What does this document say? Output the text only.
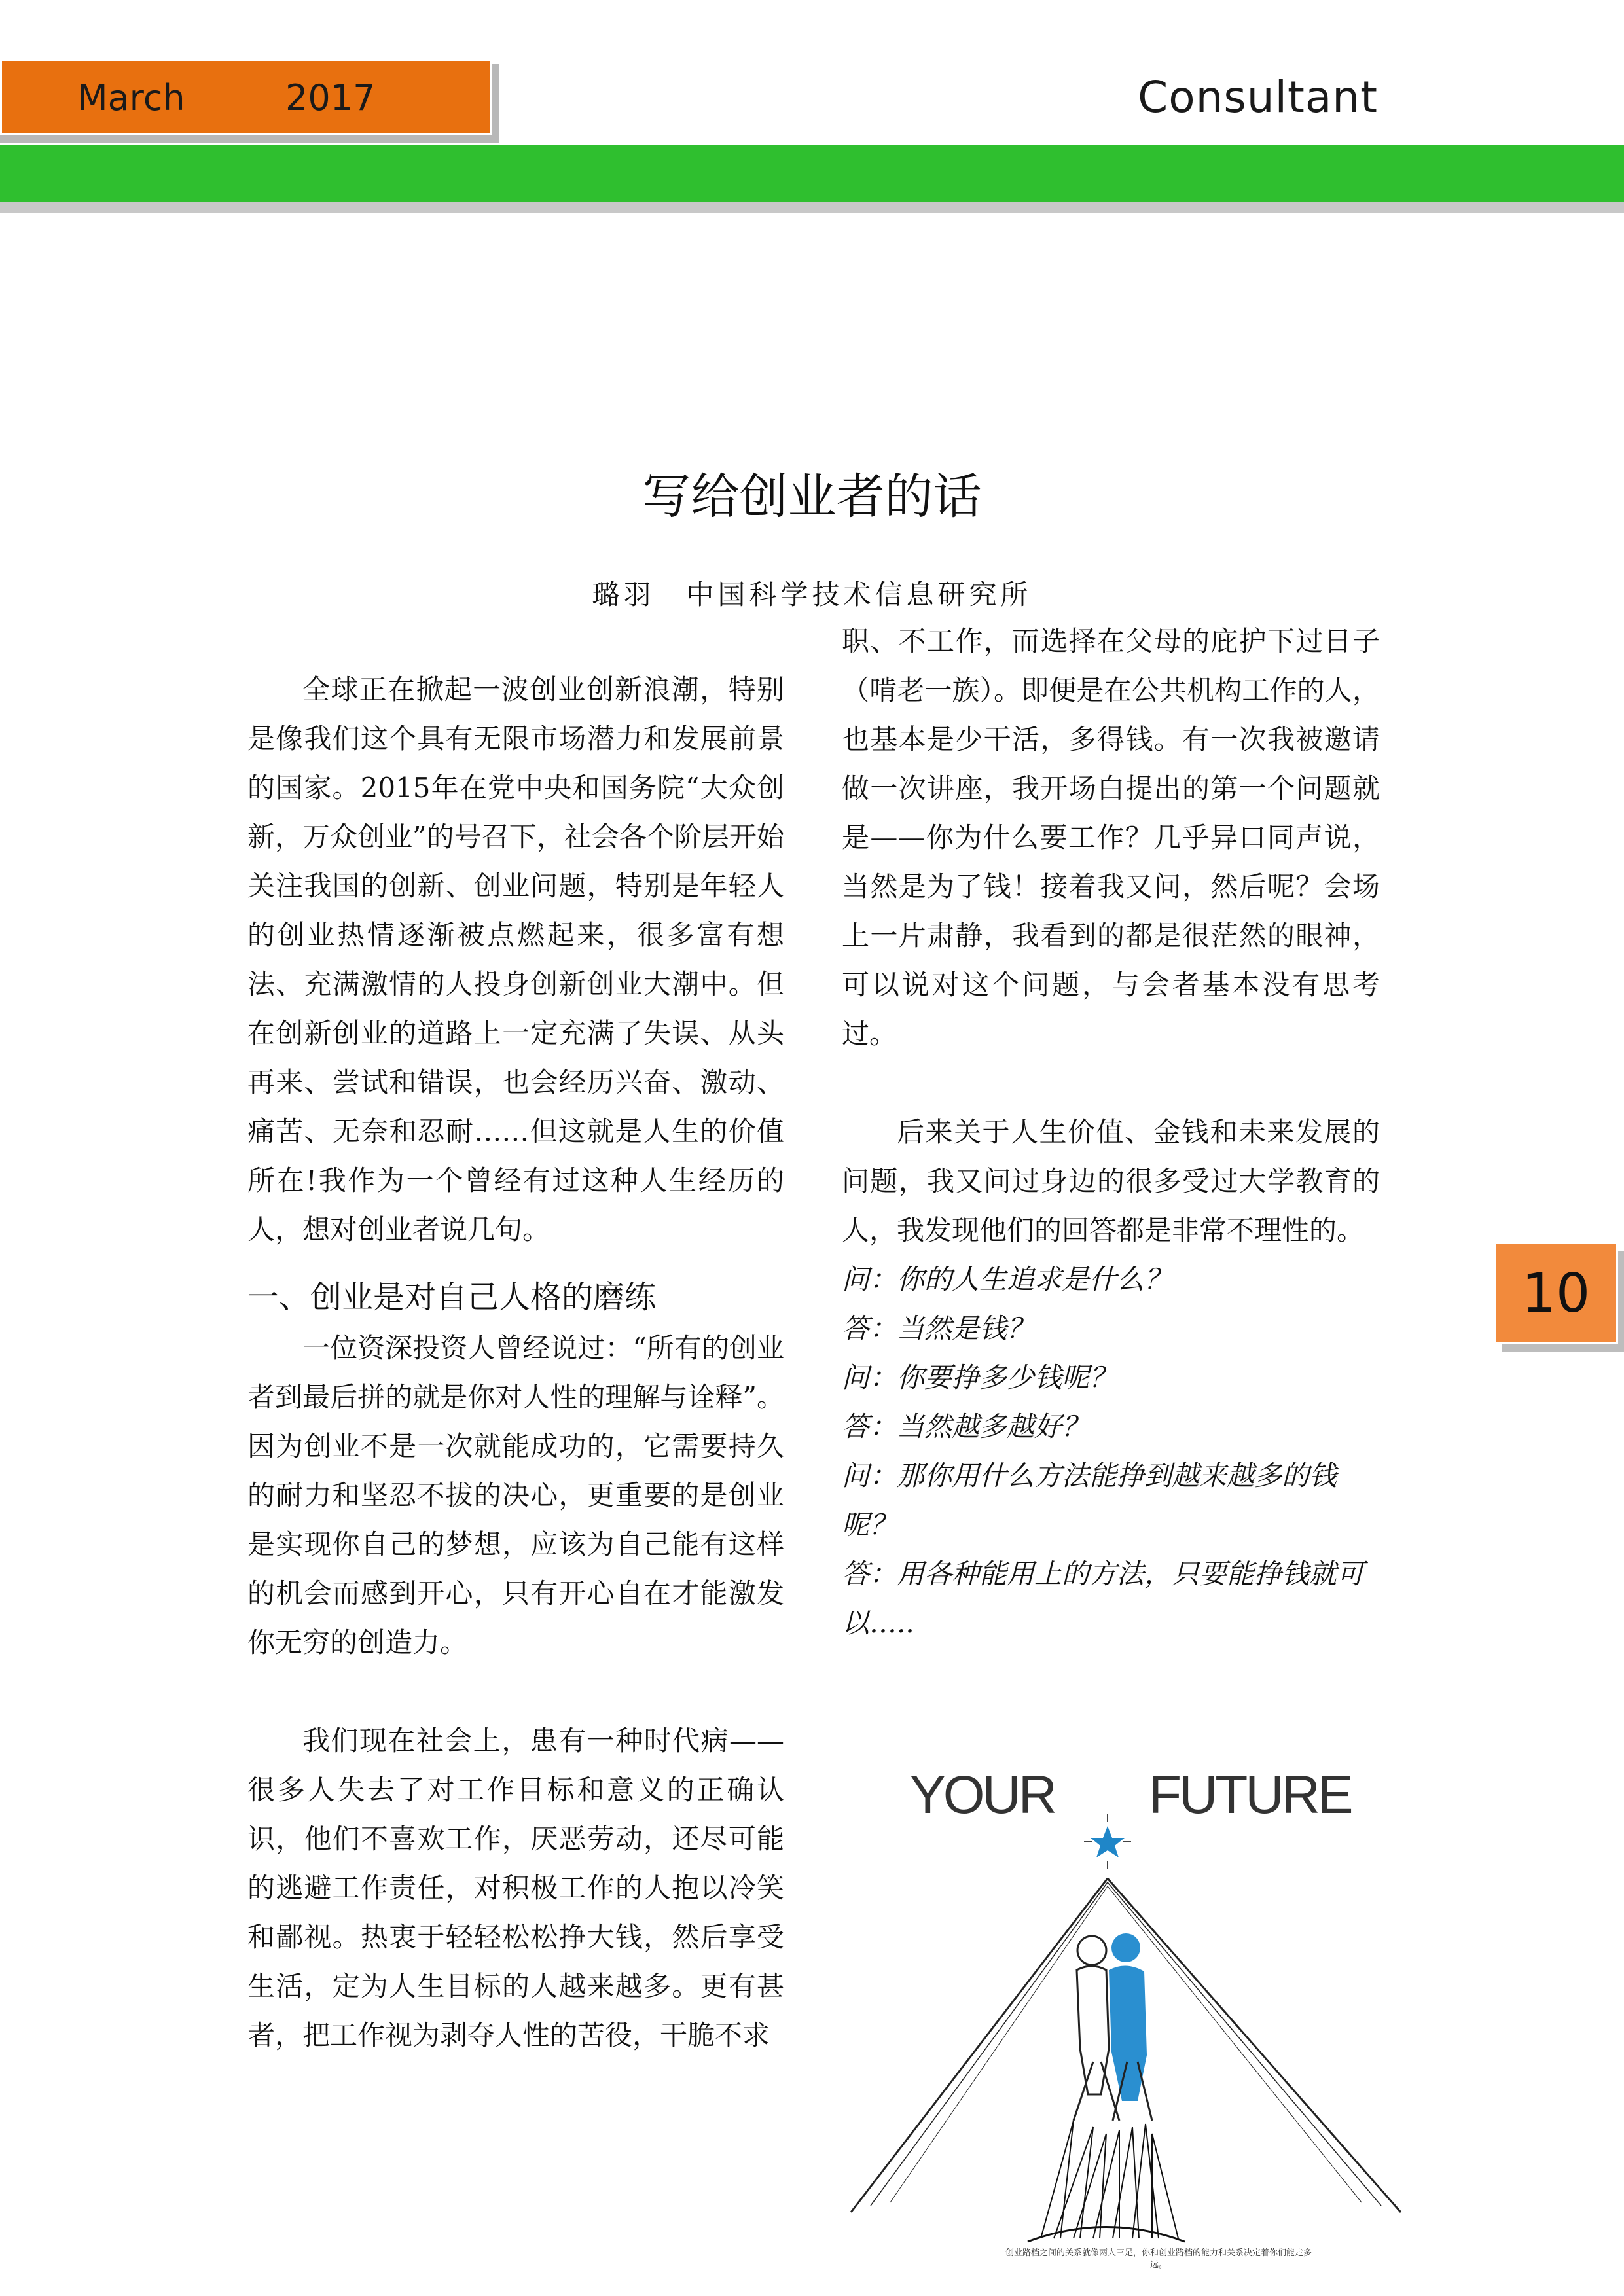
March	2017	Consultant
10
写给创业者的话
璐羽　中国科学技术信息研究所

全球正在掀起一波创业创新浪潮，特别是像我们这个具有无限市场潜力和发展前景的国家。2015年在党中央和国务院“大众创新，万众创业”的号召下，社会各个阶层开始关注我国的创新、创业问题，特别是年轻人的创业热情逐渐被点燃起来，很多富有想法、充满激情的人投身创新创业大潮中。但在创新创业的道路上一定充满了失误、从头再来、尝试和错误，也会经历兴奋、激动、痛苦、无奈和忍耐……但这就是人生的价值所在!我作为一个曾经有过这种人生经历的人，想对创业者说几句。

一、创业是对自己人格的磨练

一位资深投资人曾经说过：“所有的创业者到最后拼的就是你对人性的理解与诠释”。因为创业不是一次就能成功的，它需要持久的耐力和坚忍不拔的决心，更重要的是创业是实现你自己的梦想，应该为自己能有这样的机会而感到开心，只有开心自在才能激发你无穷的创造力。

我们现在社会上，患有一种时代病——很多人失去了对工作目标和意义的正确认识，他们不喜欢工作，厌恶劳动，还尽可能的逃避工作责任，对积极工作的人抱以冷笑和鄙视。热衷于轻轻松松挣大钱，然后享受生活，定为人生目标的人越来越多。更有甚者，把工作视为剥夺人性的苦役，干脆不求

职、不工作，而选择在父母的庇护下过日子（啃老一族）。即便是在公共机构工作的人，也基本是少干活，多得钱。有一次我被邀请做一次讲座，我开场白提出的第一个问题就是——你为什么要工作？几乎异口同声说，当然是为了钱！接着我又问，然后呢？会场上一片肃静，我看到的都是很茫然的眼神，可以说对这个问题，与会者基本没有思考过。

后来关于人生价值、金钱和未来发展的问题，我又问过身边的很多受过大学教育的人，我发现他们的回答都是非常不理性的。

问：你的人生追求是什么？

答：当然是钱？

问：你要挣多少钱呢？

答：当然越多越好？

问：那你用什么方法能挣到越来越多的钱呢？

答：用各种能用上的方法，只要能挣钱就可以…..

YOUR FUTURE
创业路档之间的关系就像两人三足，你和创业路档的能力和关系决定着你们能走多远。
